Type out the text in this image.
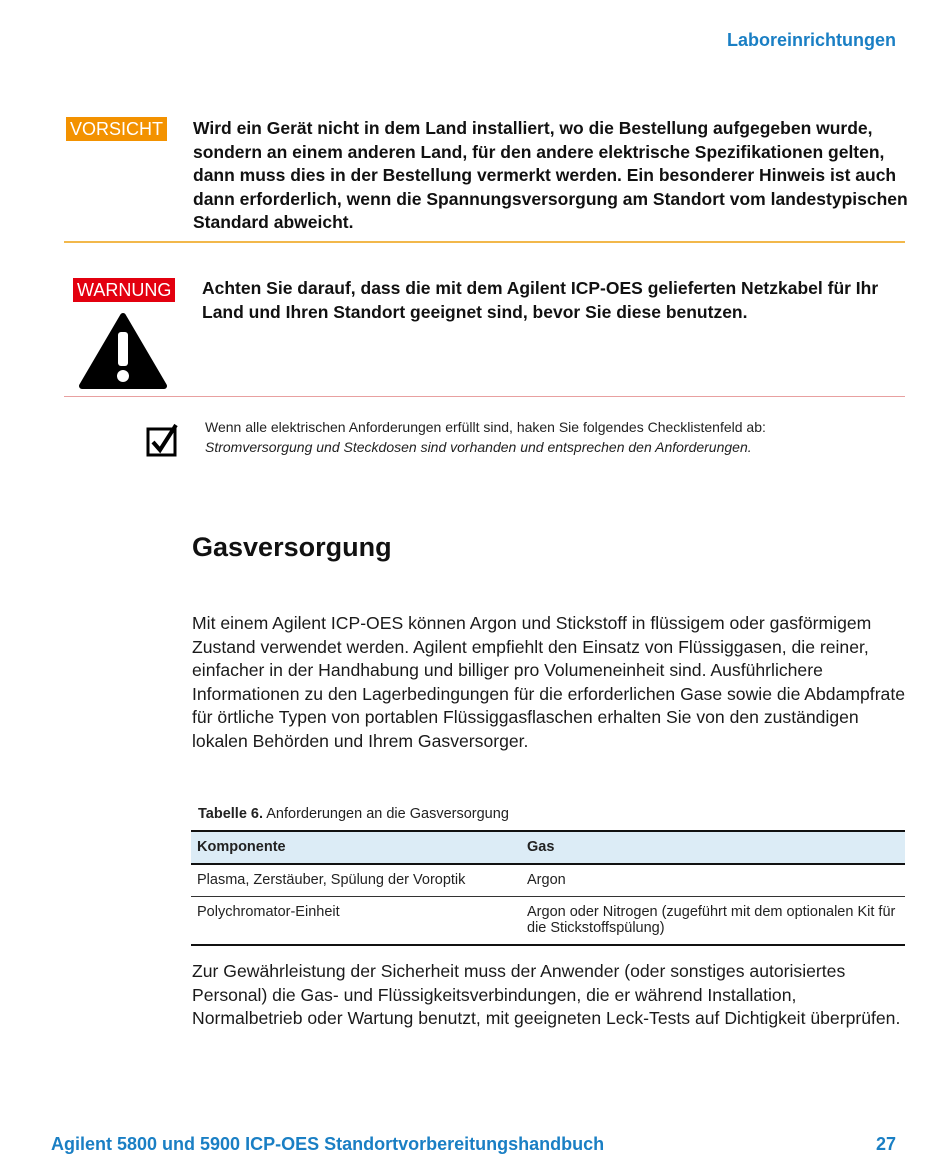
Laboreinrichtungen
VORSICHT Wird ein Gerät nicht in dem Land installiert, wo die Bestellung aufgegeben wurde, sondern an einem anderen Land, für den andere elektrische Spezifikationen gelten, dann muss dies in der Bestellung vermerkt werden. Ein besonderer Hinweis ist auch dann erforderlich, wenn die Spannungsversorgung am Standort vom landestypischen Standard abweicht.
WARNUNG Achten Sie darauf, dass die mit dem Agilent ICP-OES gelieferten Netzkabel für Ihr Land und Ihren Standort geeignet sind, bevor Sie diese benutzen.
Wenn alle elektrischen Anforderungen erfüllt sind, haken Sie folgendes Checklistenfeld ab:
Stromversorgung und Steckdosen sind vorhanden und entsprechen den Anforderungen.
Gasversorgung
Mit einem Agilent ICP-OES können Argon und Stickstoff in flüssigem oder gasförmigem Zustand verwendet werden. Agilent empfiehlt den Einsatz von Flüssiggasen, die reiner, einfacher in der Handhabung und billiger pro Volumeneinheit sind. Ausführlichere Informationen zu den Lagerbedingungen für die erforderlichen Gase sowie die Abdampfrate für örtliche Typen von portablen Flüssiggasflaschen erhalten Sie von den zuständigen lokalen Behörden und Ihrem Gasversorger.
Tabelle 6. Anforderungen an die Gasversorgung
Komponente	Gas
Plasma, Zerstäuber, Spülung der Voroptik	Argon
Polychromator-Einheit	Argon oder Nitrogen (zugeführt mit dem optionalen Kit für die Stickstoffspülung)
Zur Gewährleistung der Sicherheit muss der Anwender (oder sonstiges autorisiertes Personal) die Gas- und Flüssigkeitsverbindungen, die er während Installation, Normalbetrieb oder Wartung benutzt, mit geeigneten Leck-Tests auf Dichtigkeit überprüfen.
Agilent 5800 und 5900 ICP-OES Standortvorbereitungshandbuch	27
